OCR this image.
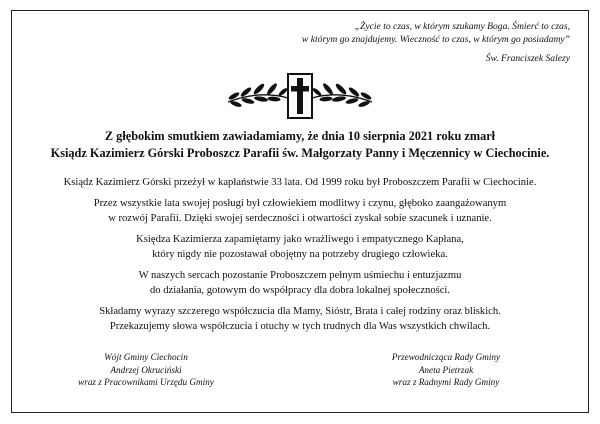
„Życie to czas, w którym szukamy Boga. Śmierć to czas,
w którym go znajdujemy. Wieczność to czas, w którym go posiadamy”
Św. Franciszek Salezy
Z głębokim smutkiem zawiadamiamy, że dnia 10 sierpnia 2021 roku zmarł
Ksiądz Kazimierz Górski Proboszcz Parafii św. Małgorzaty Panny i Męczennicy w Ciechocinie.

Ksiądz Kazimierz Górski przeżył w kapłaństwie 33 lata. Od 1999 roku był Proboszczem Parafii w Ciechocinie.

Przez wszystkie lata swojej posługi był człowiekiem modlitwy i czynu, głęboko zaangażowanym
w rozwój Parafii. Dzięki swojej serdeczności i otwartości zyskał sobie szacunek i uznanie.

Księdza Kazimierza zapamiętamy jako wrażliwego i empatycznego Kapłana,
który nigdy nie pozostawał obojętny na potrzeby drugiego człowieka.

W naszych sercach pozostanie Proboszczem pełnym uśmiechu i entuzjazmu
do działania, gotowym do współpracy dla dobra lokalnej społeczności.

Składamy wyrazy szczerego współczucia dla Mamy, Sióstr, Brata i całej rodziny oraz bliskich.
Przekazujemy słowa współczucia i otuchy w tych trudnych dla Was wszystkich chwilach.

Wójt Gminy Ciechocin
Andrzej Okruciński
wraz z Pracownikami Urzędu Gminy
Przewodnicząca Rady Gminy
Aneta Pietrzak
wraz z Radnymi Rady Gminy
